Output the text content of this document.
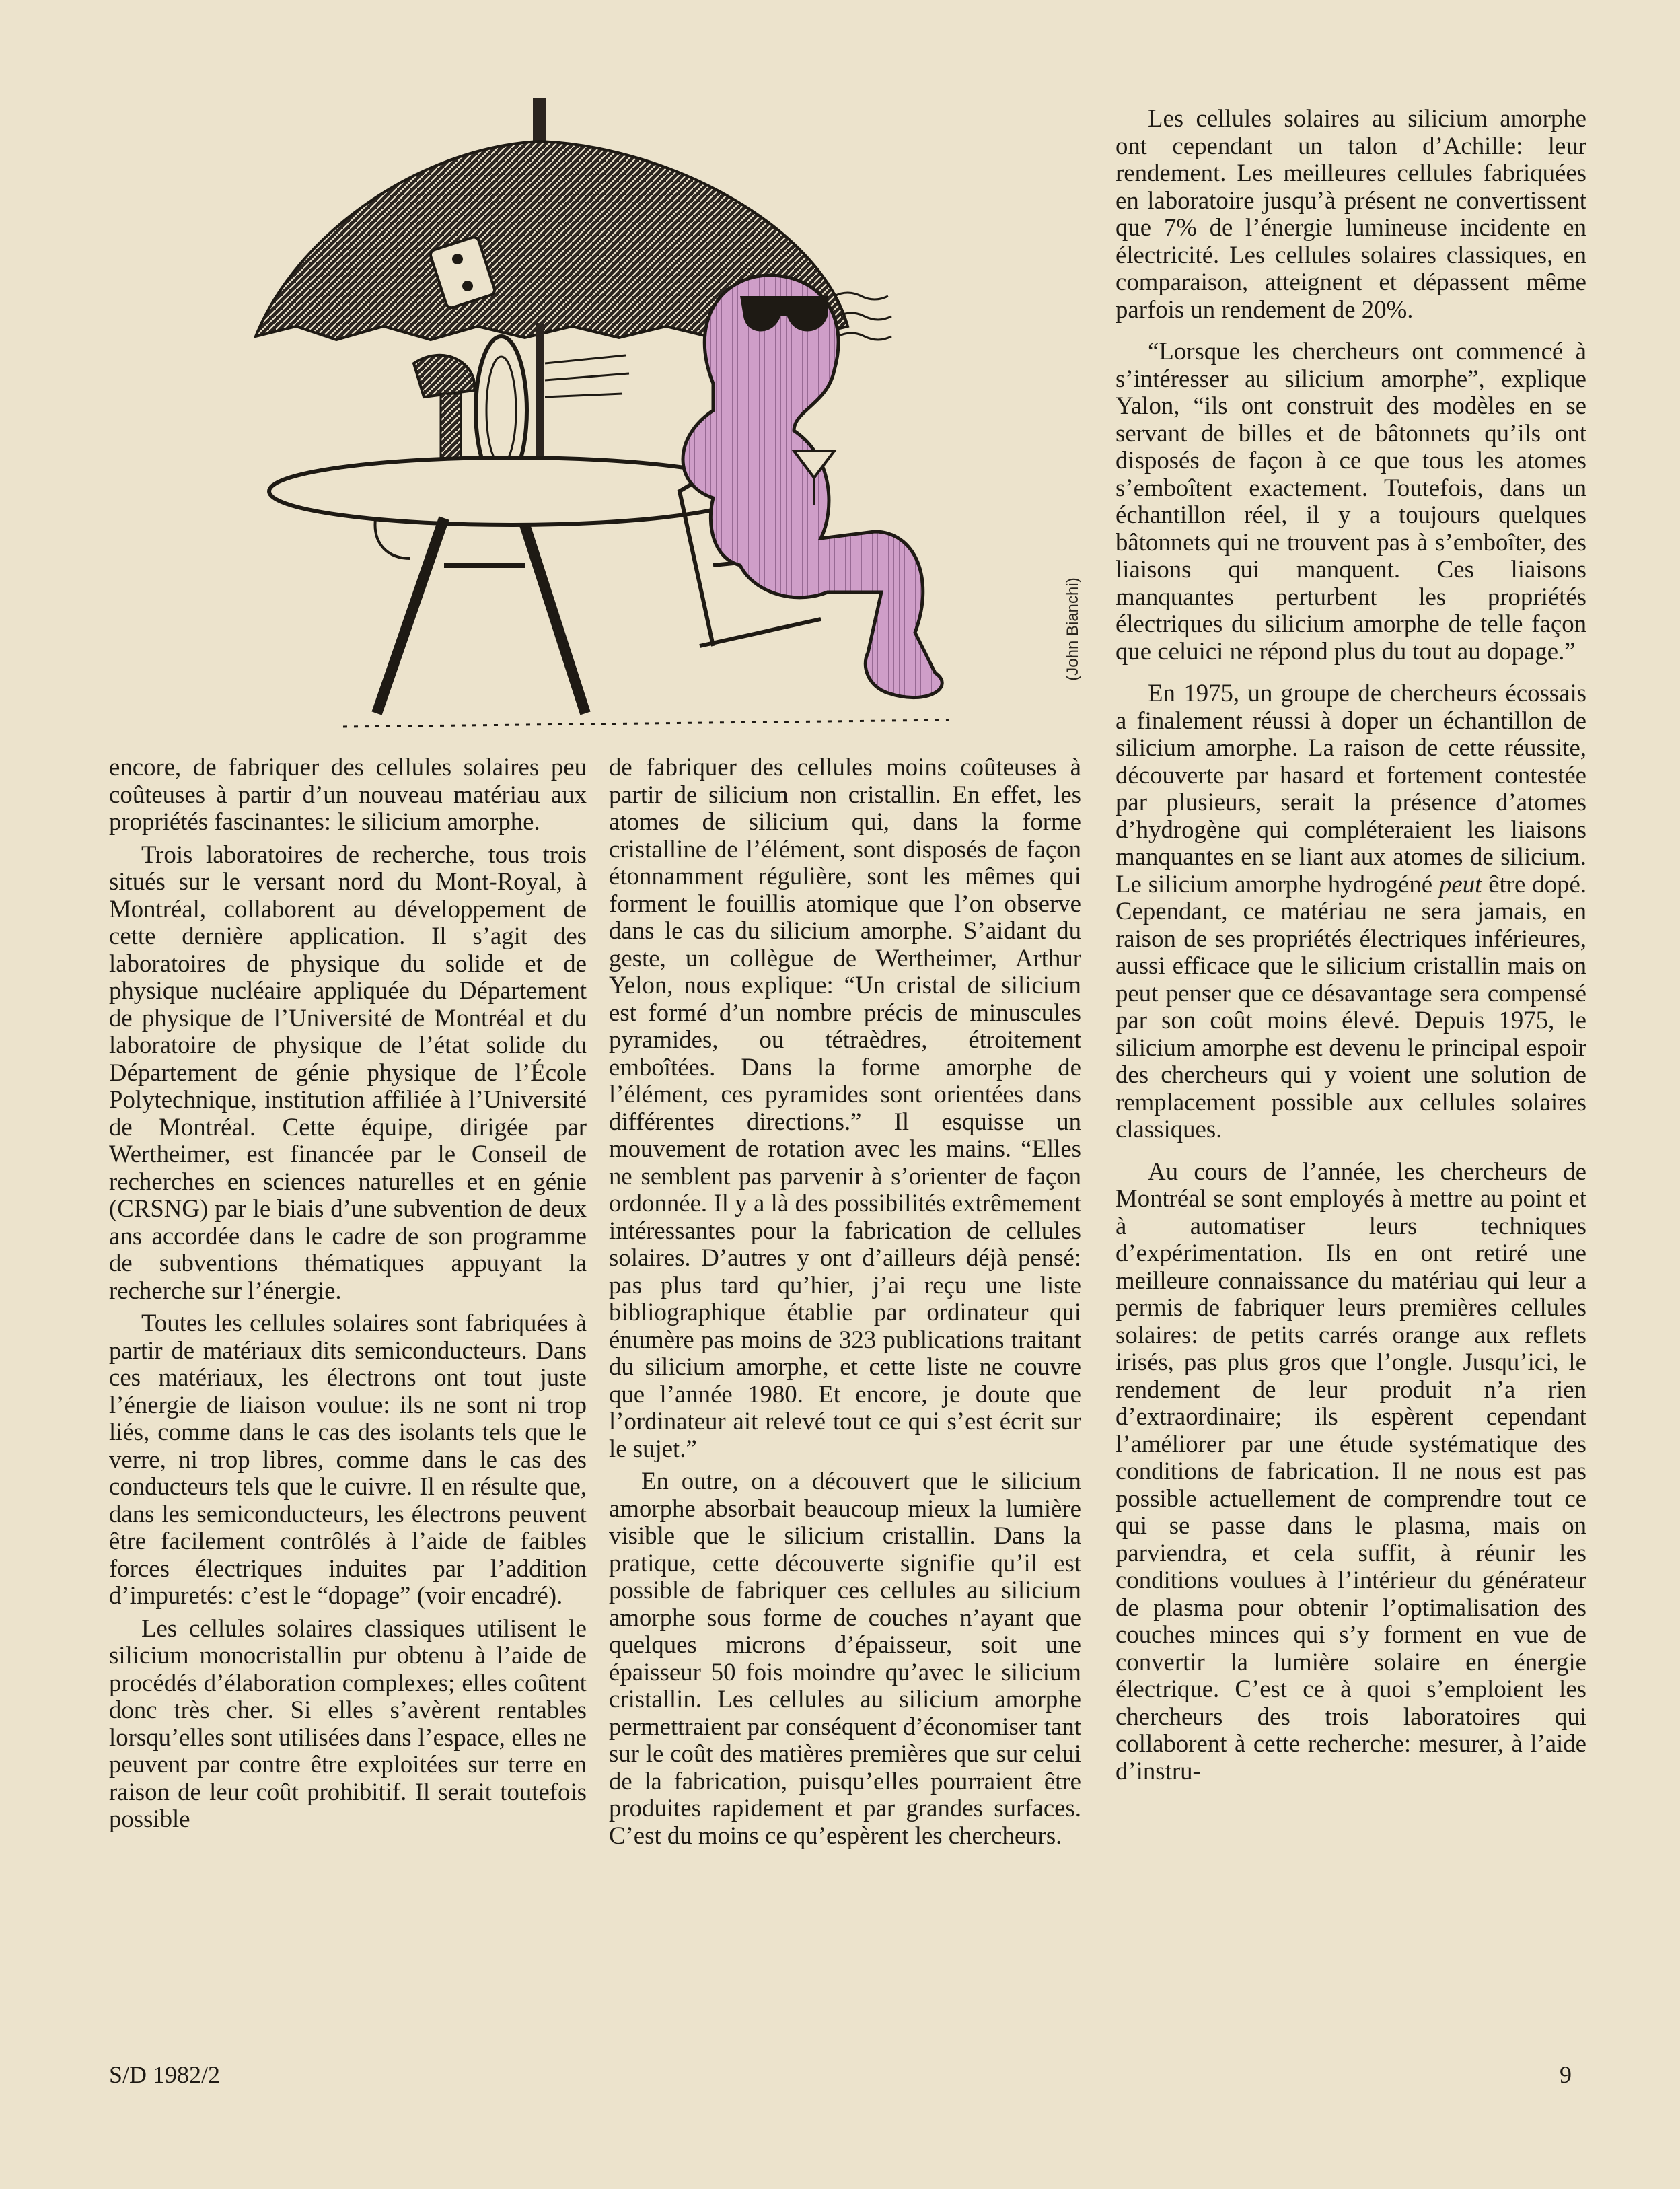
(John Bianchi)

encore, de fabriquer des cellules solaires peu coûteuses à partir d’un nouveau matériau aux propriétés fascinantes: le silicium amorphe.

Trois laboratoires de recherche, tous trois situés sur le versant nord du Mont-Royal, à Montréal, collaborent au développement de cette dernière application. Il s’agit des laboratoires de physique du solide et de physique nucléaire appliquée du Département de physique de l’Université de Montréal et du laboratoire de physique de l’état solide du Département de génie physique de l’École Polytechnique, institution affiliée à l’Université de Montréal. Cette équipe, dirigée par Wertheimer, est financée par le Conseil de recherches en sciences naturelles et en génie (CRSNG) par le biais d’une subvention de deux ans accordée dans le cadre de son programme de subventions thématiques appuyant la recherche sur l’énergie.

Toutes les cellules solaires sont fabriquées à partir de matériaux dits semiconducteurs. Dans ces matériaux, les électrons ont tout juste l’énergie de liaison voulue: ils ne sont ni trop liés, comme dans le cas des isolants tels que le verre, ni trop libres, comme dans le cas des conducteurs tels que le cuivre. Il en résulte que, dans les semiconducteurs, les électrons peuvent être facilement contrôlés à l’aide de faibles forces électriques induites par l’addition d’impuretés: c’est le “dopage” (voir encadré).

Les cellules solaires classiques utilisent le silicium monocristallin pur obtenu à l’aide de procédés d’élaboration complexes; elles coûtent donc très cher. Si elles s’avèrent rentables lorsqu’elles sont utilisées dans l’espace, elles ne peuvent par contre être exploitées sur terre en raison de leur coût prohibitif. Il serait toutefois possible

de fabriquer des cellules moins coûteuses à partir de silicium non cristallin. En effet, les atomes de silicium qui, dans la forme cristalline de l’élément, sont disposés de façon étonnamment régulière, sont les mêmes qui forment le fouillis atomique que l’on observe dans le cas du silicium amorphe. S’aidant du geste, un collègue de Wertheimer, Arthur Yelon, nous explique: “Un cristal de silicium est formé d’un nombre précis de minuscules pyramides, ou tétraèdres, étroitement emboîtées. Dans la forme amorphe de l’élément, ces pyramides sont orientées dans différentes directions.” Il esquisse un mouvement de rotation avec les mains. “Elles ne semblent pas parvenir à s’orienter de façon ordonnée. Il y a là des possibilités extrêmement intéressantes pour la fabrication de cellules solaires. D’autres y ont d’ailleurs déjà pensé: pas plus tard qu’hier, j’ai reçu une liste bibliographique établie par ordinateur qui énumère pas moins de 323 publications traitant du silicium amorphe, et cette liste ne couvre que l’année 1980. Et encore, je doute que l’ordinateur ait relevé tout ce qui s’est écrit sur le sujet.”

En outre, on a découvert que le silicium amorphe absorbait beaucoup mieux la lumière visible que le silicium cristallin. Dans la pratique, cette découverte signifie qu’il est possible de fabriquer ces cellules au silicium amorphe sous forme de couches n’ayant que quelques microns d’épaisseur, soit une épaisseur 50 fois moindre qu’avec le silicium cristallin. Les cellules au silicium amorphe permettraient par conséquent d’économiser tant sur le coût des matières premières que sur celui de la fabrication, puisqu’elles pourraient être produites rapidement et par grandes surfaces. C’est du moins ce qu’espèrent les chercheurs.

Les cellules solaires au silicium amorphe ont cependant un talon d’Achille: leur rendement. Les meilleures cellules fabriquées en laboratoire jusqu’à présent ne convertissent que 7% de l’énergie lumineuse incidente en électricité. Les cellules solaires classiques, en comparaison, atteignent et dépassent même parfois un rendement de 20%.

“Lorsque les chercheurs ont commencé à s’intéresser au silicium amorphe”, explique Yalon, “ils ont construit des modèles en se servant de billes et de bâtonnets qu’ils ont disposés de façon à ce que tous les atomes s’emboîtent exactement. Toutefois, dans un échantillon réel, il y a toujours quelques bâtonnets qui ne trouvent pas à s’emboîter, des liaisons qui manquent. Ces liaisons manquantes perturbent les propriétés électriques du silicium amorphe de telle façon que celuici ne répond plus du tout au dopage.”

En 1975, un groupe de chercheurs écossais a finalement réussi à doper un échantillon de silicium amorphe. La raison de cette réussite, découverte par hasard et fortement contestée par plusieurs, serait la présence d’atomes d’hydrogène qui compléteraient les liaisons manquantes en se liant aux atomes de silicium. Le silicium amorphe hydrogéné peut être dopé. Cependant, ce matériau ne sera jamais, en raison de ses propriétés électriques inférieures, aussi efficace que le silicium cristallin mais on peut penser que ce désavantage sera compensé par son coût moins élevé. Depuis 1975, le silicium amorphe est devenu le principal espoir des chercheurs qui y voient une solution de remplacement possible aux cellules solaires classiques.

Au cours de l’année, les chercheurs de Montréal se sont employés à mettre au point et à automatiser leurs techniques d’expérimentation. Ils en ont retiré une meilleure connaissance du matériau qui leur a permis de fabriquer leurs premières cellules solaires: de petits carrés orange aux reflets irisés, pas plus gros que l’ongle. Jusqu’ici, le rendement de leur produit n’a rien d’extraordinaire; ils espèrent cependant l’améliorer par une étude systématique des conditions de fabrication. Il ne nous est pas possible actuellement de comprendre tout ce qui se passe dans le plasma, mais on parviendra, et cela suffit, à réunir les conditions voulues à l’intérieur du générateur de plasma pour obtenir l’optimalisation des couches minces qui s’y forment en vue de convertir la lumière solaire en énergie électrique. C’est ce à quoi s’emploient les chercheurs des trois laboratoires qui collaborent à cette recherche: mesurer, à l’aide d’instru-

S/D 1982/2	9
